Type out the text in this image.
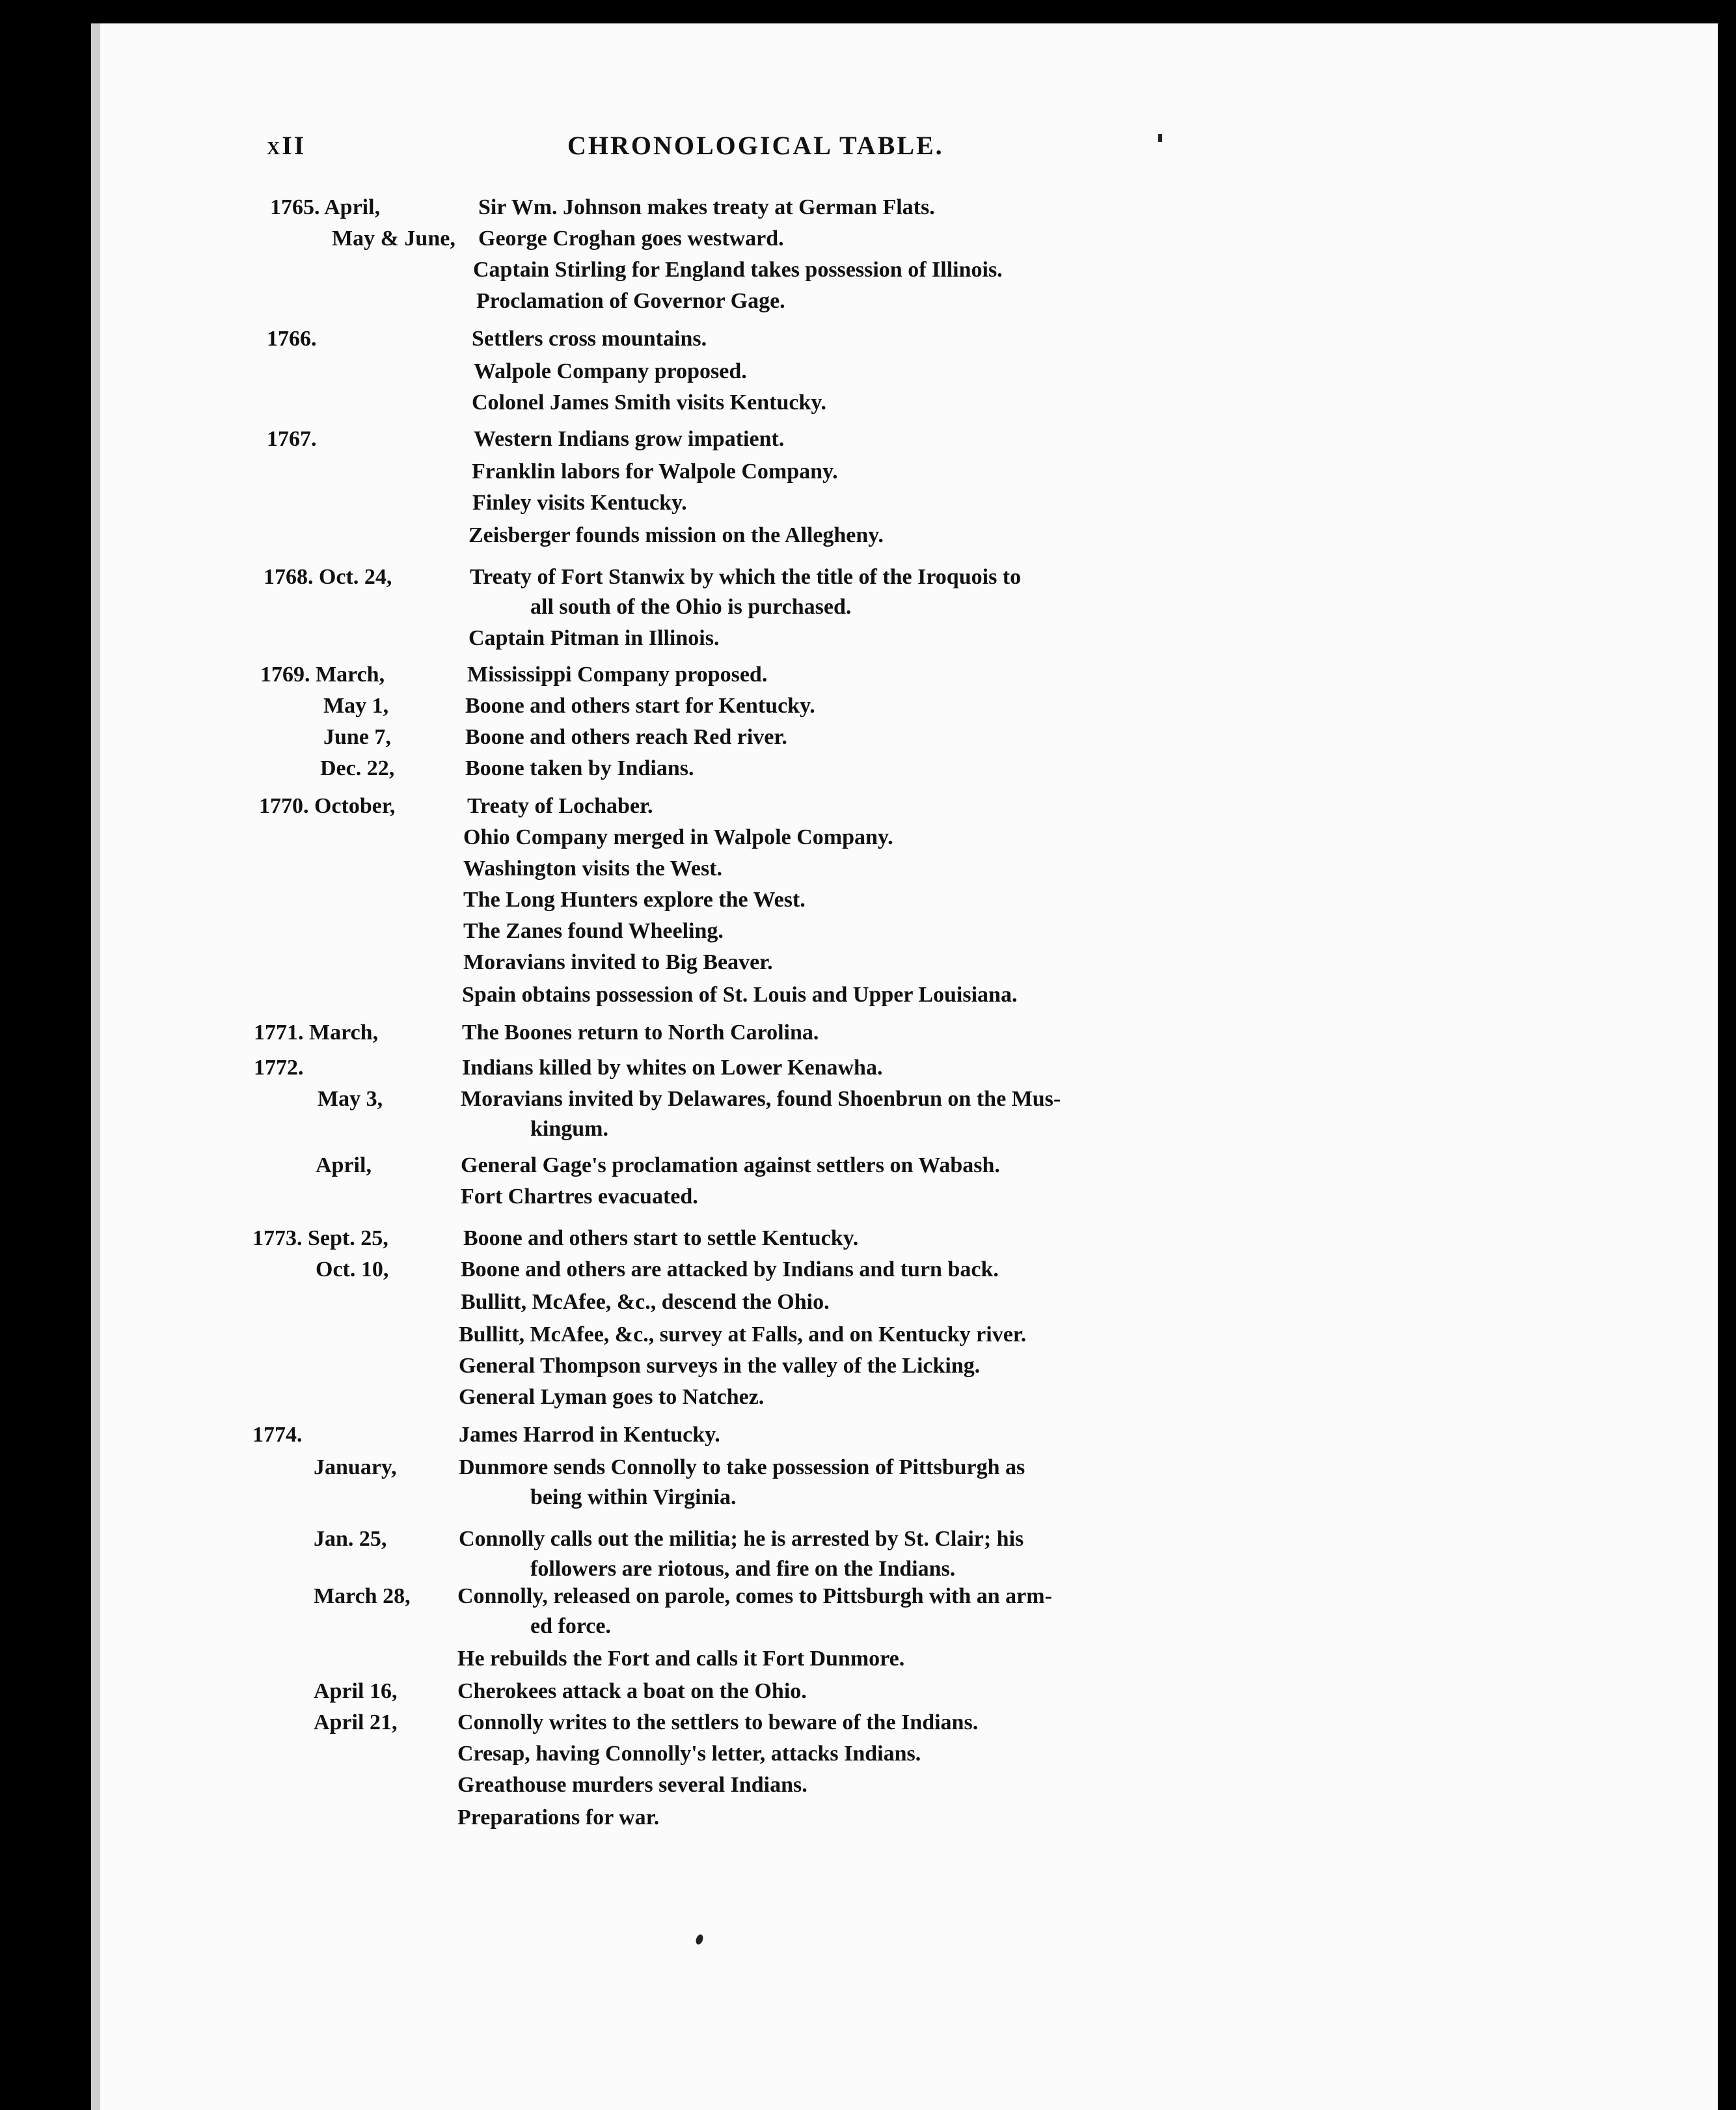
xII	CHRONOLOGICAL TABLE.
1765. April,	Sir Wm. Johnson makes treaty at German Flats.
May & June, George Croghan goes westward.
Captain Stirling for England takes possession of Illinois.
Proclamation of Governor Gage.
1766.	Settlers cross mountains.
Walpole Company proposed.
Colonel James Smith visits Kentucky.
1767.	Western Indians grow impatient.
Franklin labors for Walpole Company.
Finley visits Kentucky.
Zeisberger founds mission on the Allegheny.
1768. Oct. 24,	Treaty of Fort Stanwix by which the title of the Iroquois to
all south of the Ohio is purchased.
Captain Pitman in Illinois.
1769. March,	Mississippi Company proposed.
May 1,	Boone and others start for Kentucky.
June 7,	Boone and others reach Red river.
Dec. 22,	Boone taken by Indians.
1770. October,	Treaty of Lochaber.
Ohio Company merged in Walpole Company.
Washington visits the West.
The Long Hunters explore the West.
The Zanes found Wheeling.
Moravians invited to Big Beaver.
Spain obtains possession of St. Louis and Upper Louisiana.
1771. March,	The Boones return to North Carolina.
1772.	Indians killed by whites on Lower Kenawha.
May 3,	Moravians invited by Delawares, found Shoenbrun on the Mus-
kingum.
April,	General Gage's proclamation against settlers on Wabash.
Fort Chartres evacuated.
1773. Sept. 25,	Boone and others start to settle Kentucky.
Oct. 10,	Boone and others are attacked by Indians and turn back.
Bullitt, McAfee, &c., descend the Ohio.
Bullitt, McAfee, &c., survey at Falls, and on Kentucky river.
General Thompson surveys in the valley of the Licking.
General Lyman goes to Natchez.
1774.	James Harrod in Kentucky.
January,	Dunmore sends Connolly to take possession of Pittsburgh as
being within Virginia.
Jan. 25,	Connolly calls out the militia; he is arrested by St. Clair; his
followers are riotous, and fire on the Indians.
March 28, Connolly, released on parole, comes to Pittsburgh with an arm-
ed force.
He rebuilds the Fort and calls it Fort Dunmore.
April 16,	Cherokees attack a boat on the Ohio.
April 21,	Connolly writes to the settlers to beware of the Indians.
Cresap, having Connolly's letter, attacks Indians.
Greathouse murders several Indians.
Preparations for war.
